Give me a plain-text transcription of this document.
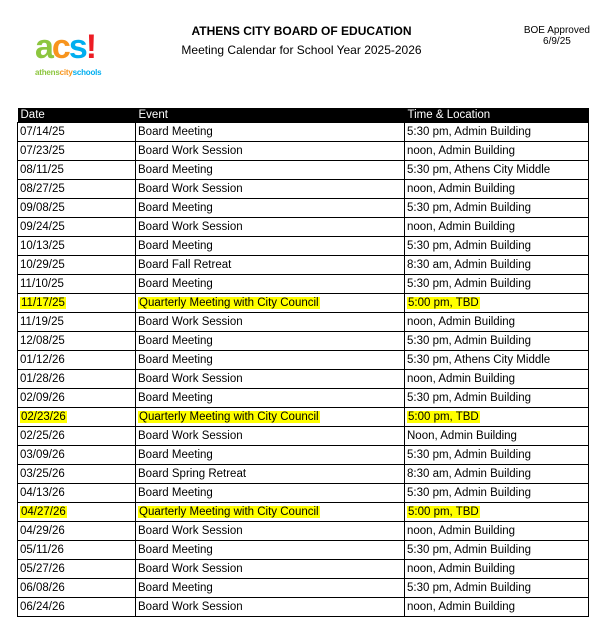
acs!
athenscityschools
ATHENS CITY BOARD OF EDUCATION
Meeting Calendar for School Year 2025-2026
BOE Approved
6/9/25
Date	Event	Time & Location
07/14/25	Board Meeting	5:30 pm, Admin Building
07/23/25	Board Work Session	noon, Admin Building
08/11/25	Board Meeting	5:30 pm, Athens City Middle
08/27/25	Board Work Session	noon, Admin Building
09/08/25	Board Meeting	5:30 pm, Admin Building
09/24/25	Board Work Session	noon, Admin Building
10/13/25	Board Meeting	5:30 pm, Admin Building
10/29/25	Board Fall Retreat	8:30 am, Admin Building
11/10/25	Board Meeting	5:30 pm, Admin Building
11/17/25	Quarterly Meeting with City Council	5:00 pm, TBD
11/19/25	Board Work Session	noon, Admin Building
12/08/25	Board Meeting	5:30 pm, Admin Building
01/12/26	Board Meeting	5:30 pm, Athens City Middle
01/28/26	Board Work Session	noon, Admin Building
02/09/26	Board Meeting	5:30 pm, Admin Building
02/23/26	Quarterly Meeting with City Council	5:00 pm, TBD
02/25/26	Board Work Session	Noon, Admin Building
03/09/26	Board Meeting	5:30 pm, Admin Building
03/25/26	Board Spring Retreat	8:30 am, Admin Building
04/13/26	Board Meeting	5:30 pm, Admin Building
04/27/26	Quarterly Meeting with City Council	5:00 pm, TBD
04/29/26	Board Work Session	noon, Admin Building
05/11/26	Board Meeting	5:30 pm, Admin Building
05/27/26	Board Work Session	noon, Admin Building
06/08/26	Board Meeting	5:30 pm, Admin Building
06/24/26	Board Work Session	noon, Admin Building
